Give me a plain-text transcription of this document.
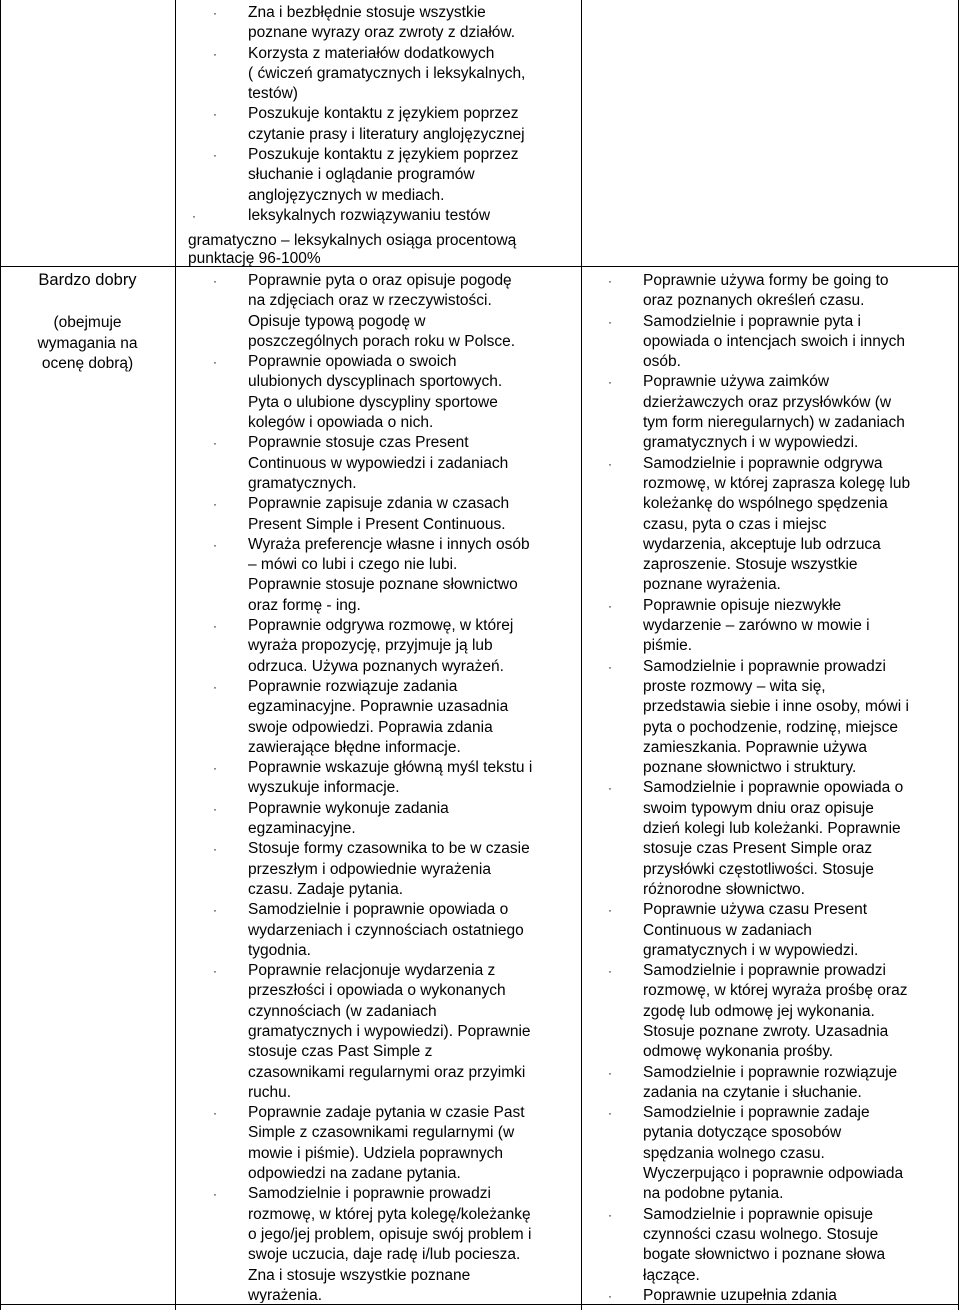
Bardzo dobry
(obejmuje
wymagania na
ocenę dobrą)
· Zna i bezbłędnie stosuje wszystkie
poznane wyrazy oraz zwroty z działów.
· Korzysta z materiałów dodatkowych
( ćwiczeń gramatycznych i leksykalnych,
testów)
· Poszukuje kontaktu z językiem poprzez
czytanie prasy i literatury anglojęzycznej
· Poszukuje kontaktu z językiem poprzez
słuchanie i oglądanie programów
anglojęzycznych w mediach.
·	leksykalnych rozwiązywaniu testów
gramatyczno – leksykalnych osiąga procentową
punktację 96-100%
· Poprawnie pyta o oraz opisuje pogodę
na zdjęciach oraz w rzeczywistości.
Opisuje typową pogodę w
poszczególnych porach roku w Polsce.
· Poprawnie opowiada o swoich
ulubionych dyscyplinach sportowych.
Pyta o ulubione dyscypliny sportowe
kolegów i opowiada o nich.
· Poprawnie stosuje czas Present
Continuous w wypowiedzi i zadaniach
gramatycznych.
· Poprawnie zapisuje zdania w czasach
Present Simple i Present Continuous.
· Wyraża preferencje własne i innych osób
– mówi co lubi i czego nie lubi.
Poprawnie stosuje poznane słownictwo
oraz formę - ing.
· Poprawnie odgrywa rozmowę, w której
wyraża propozycję, przyjmuje ją lub
odrzuca. Używa poznanych wyrażeń.
· Poprawnie rozwiązuje zadania
egzaminacyjne. Poprawnie uzasadnia
swoje odpowiedzi. Poprawia zdania
zawierające błędne informacje.
· Poprawnie wskazuje główną myśl tekstu i
wyszukuje informacje.
· Poprawnie wykonuje zadania
egzaminacyjne.
· Stosuje formy czasownika to be w czasie
przeszłym i odpowiednie wyrażenia
czasu. Zadaje pytania.
· Samodzielnie i poprawnie opowiada o
wydarzeniach i czynnościach ostatniego
tygodnia.
· Poprawnie relacjonuje wydarzenia z
przeszłości i opowiada o wykonanych
czynnościach (w zadaniach
gramatycznych i wypowiedzi). Poprawnie
stosuje czas Past Simple z
czasownikami regularnymi oraz przyimki
ruchu.
· Poprawnie zadaje pytania w czasie Past
Simple z czasownikami regularnymi (w
mowie i piśmie). Udziela poprawnych
odpowiedzi na zadane pytania.
· Samodzielnie i poprawnie prowadzi
rozmowę, w której pyta kolegę/koleżankę
o jego/jej problem, opisuje swój problem i
swoje uczucia, daje radę i/lub pociesza.
Zna i stosuje wszystkie poznane
wyrażenia.
· Poprawnie używa formy be going to
oraz poznanych określeń czasu.
· Samodzielnie i poprawnie pyta i
opowiada o intencjach swoich i innych
osób.
· Poprawnie używa zaimków
dzierżawczych oraz przysłówków (w
tym form nieregularnych) w zadaniach
gramatycznych i w wypowiedzi.
· Samodzielnie i poprawnie odgrywa
rozmowę, w której zaprasza kolegę lub
koleżankę do wspólnego spędzenia
czasu, pyta o czas i miejsc
wydarzenia, akceptuje lub odrzuca
zaproszenie. Stosuje wszystkie
poznane wyrażenia.
· Poprawnie opisuje niezwykłe
wydarzenie – zarówno w mowie i
piśmie.
· Samodzielnie i poprawnie prowadzi
proste rozmowy – wita się,
przedstawia siebie i inne osoby, mówi i
pyta o pochodzenie, rodzinę, miejsce
zamieszkania. Poprawnie używa
poznane słownictwo i struktury.
· Samodzielnie i poprawnie opowiada o
swoim typowym dniu oraz opisuje
dzień kolegi lub koleżanki. Poprawnie
stosuje czas Present Simple oraz
przysłówki częstotliwości. Stosuje
różnorodne słownictwo.
· Poprawnie używa czasu Present
Continuous w zadaniach
gramatycznych i w wypowiedzi.
· Samodzielnie i poprawnie prowadzi
rozmowę, w której wyraża prośbę oraz
zgodę lub odmowę jej wykonania.
Stosuje poznane zwroty. Uzasadnia
odmowę wykonania prośby.
· Samodzielnie i poprawnie rozwiązuje
zadania na czytanie i słuchanie.
· Samodzielnie i poprawnie zadaje
pytania dotyczące sposobów
spędzania wolnego czasu.
Wyczerpująco i poprawnie odpowiada
na podobne pytania.
· Samodzielnie i poprawnie opisuje
czynności czasu wolnego. Stosuje
bogate słownictwo i poznane słowa
łączące.
· Poprawnie uzupełnia zdania
